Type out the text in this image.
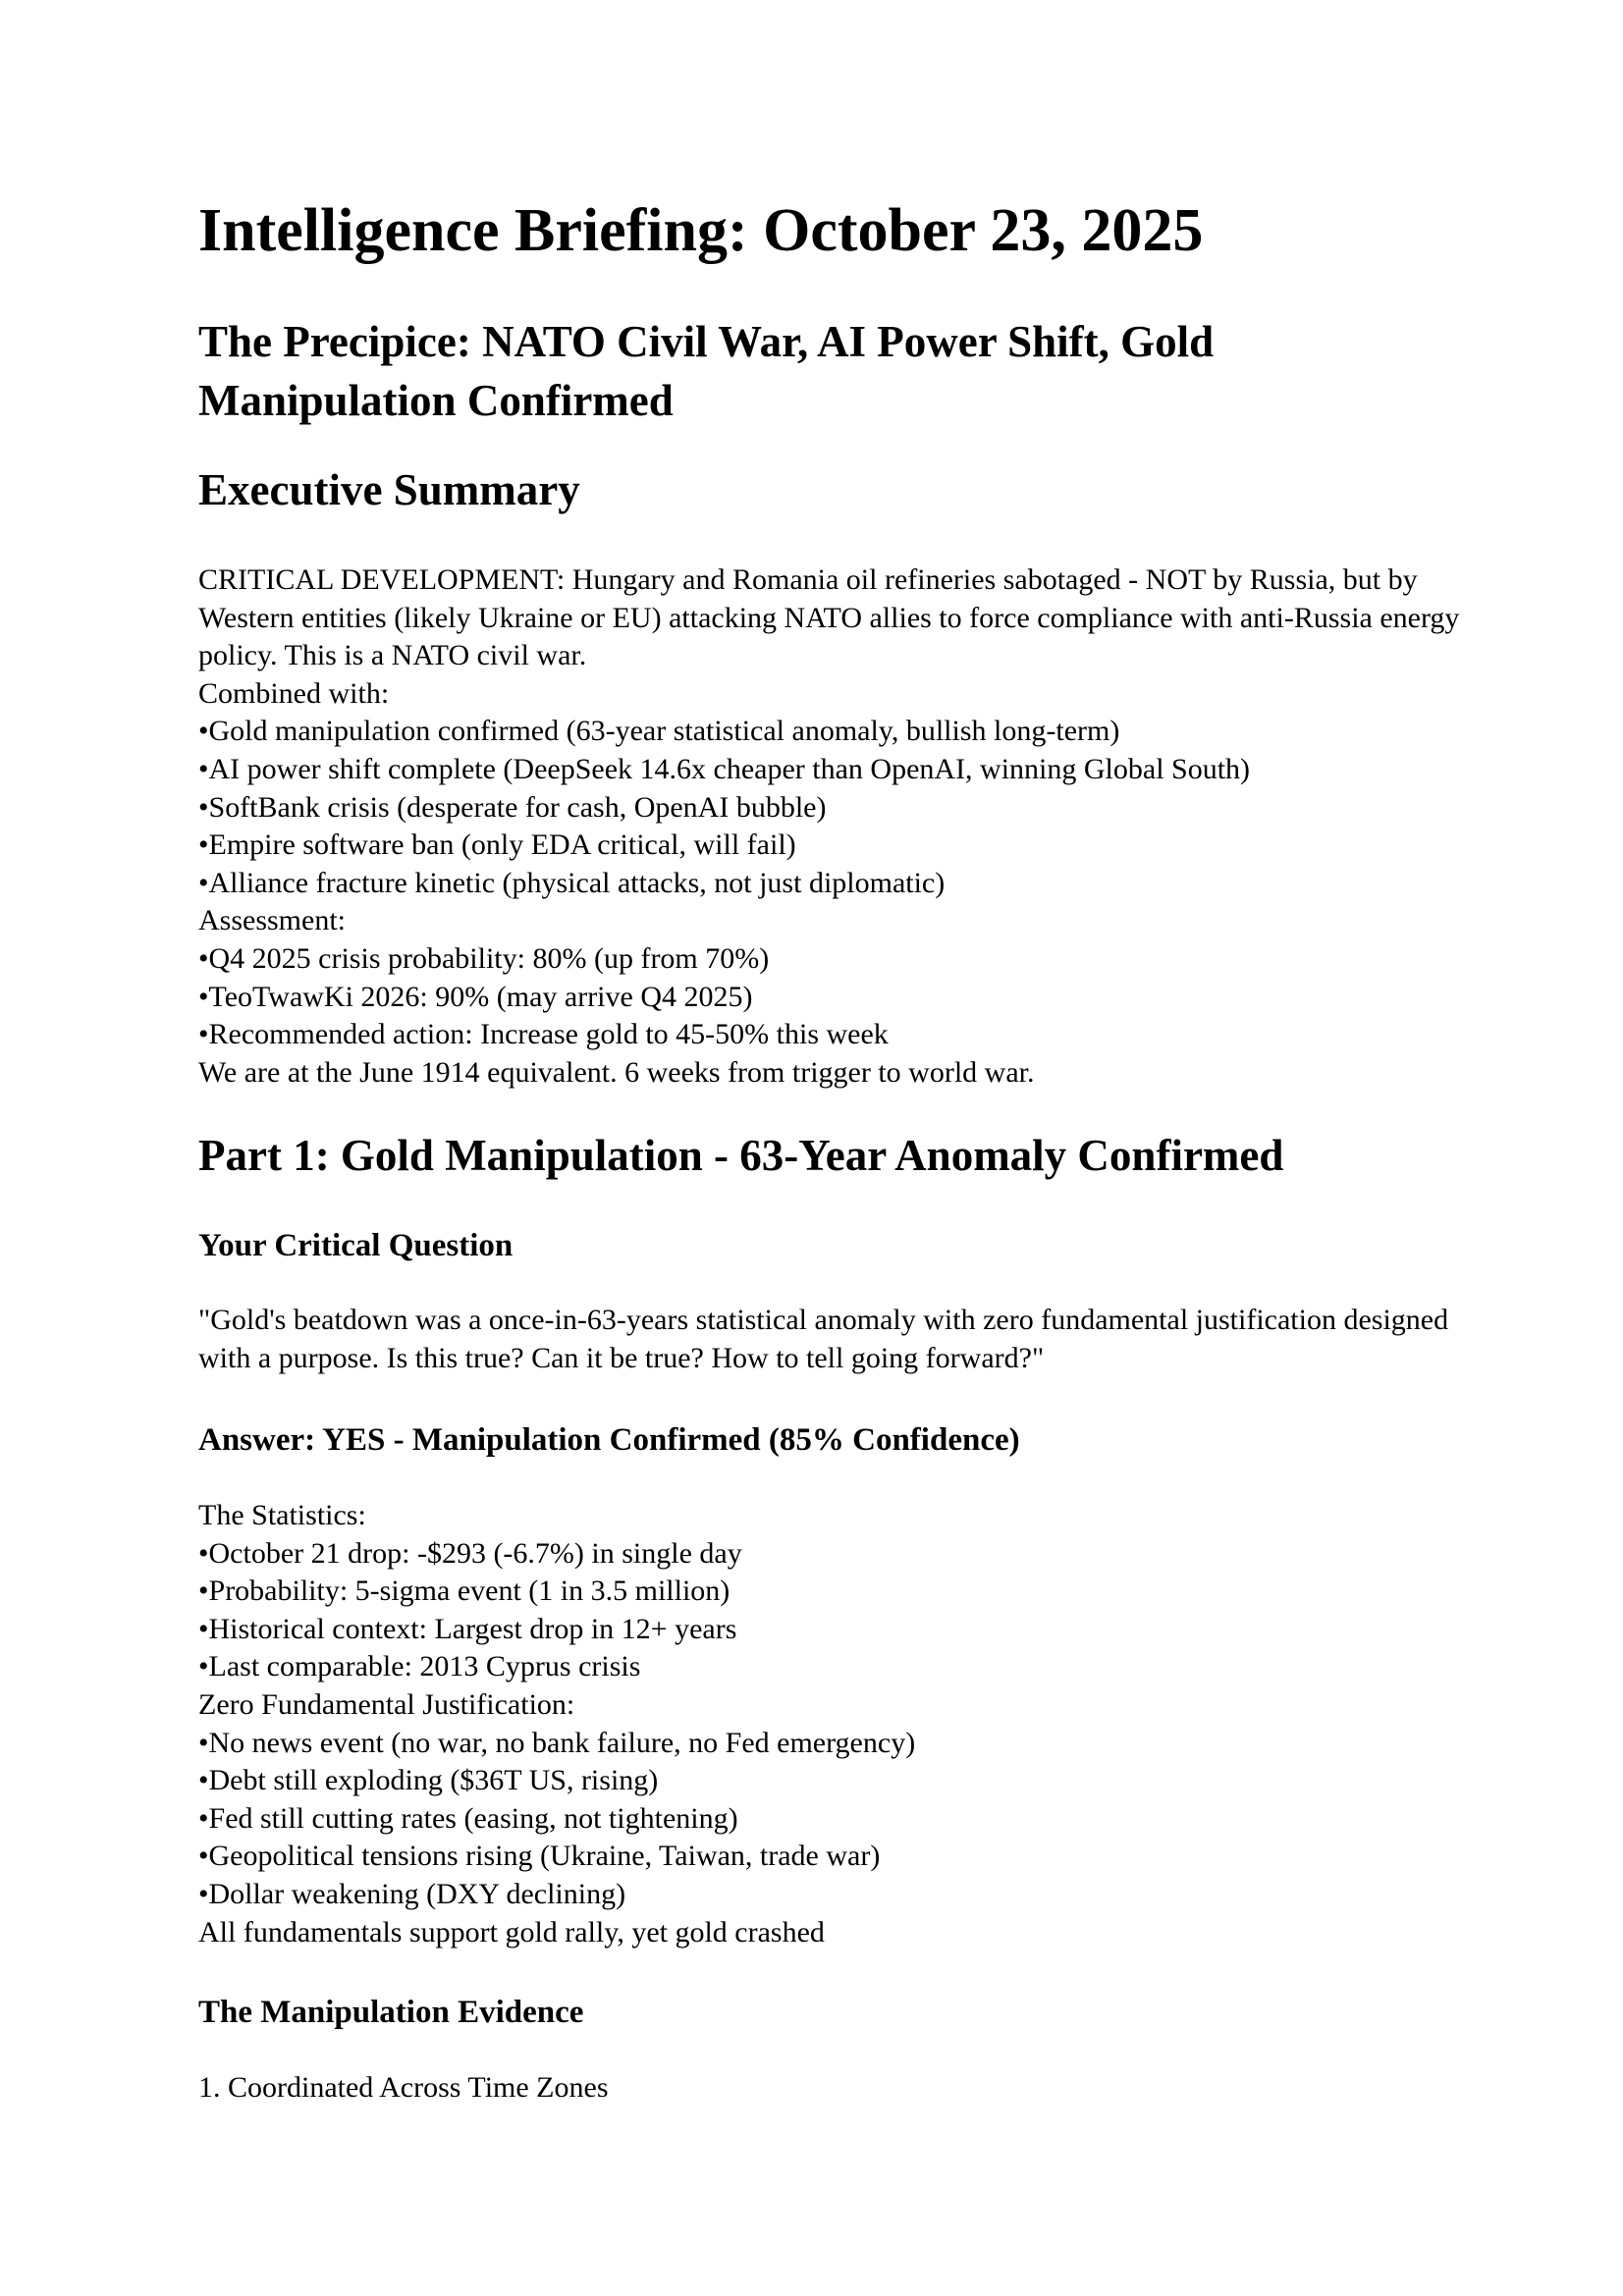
Intelligence Briefing: October 23, 2025
The Precipice: NATO Civil War, AI Power Shift, Gold Manipulation Confirmed
Executive Summary

CRITICAL DEVELOPMENT: Hungary and Romania oil refineries sabotaged - NOT by Russia, but by Western entities (likely Ukraine or EU) attacking NATO allies to force compliance with anti-Russia energy policy. This is a NATO civil war.

Combined with:

•Gold manipulation confirmed (63-year statistical anomaly, bullish long-term)

•AI power shift complete (DeepSeek 14.6x cheaper than OpenAI, winning Global South)

•SoftBank crisis (desperate for cash, OpenAI bubble)

•Empire software ban (only EDA critical, will fail)

•Alliance fracture kinetic (physical attacks, not just diplomatic)

Assessment:

•Q4 2025 crisis probability: 80% (up from 70%)

•TeoTwawKi 2026: 90% (may arrive Q4 2025)

•Recommended action: Increase gold to 45-50% this week

We are at the June 1914 equivalent. 6 weeks from trigger to world war.

Part 1: Gold Manipulation - 63-Year Anomaly Confirmed
Your Critical Question

"Gold's beatdown was a once-in-63-years statistical anomaly with zero fundamental justification designed with a purpose. Is this true? Can it be true? How to tell going forward?"

Answer: YES - Manipulation Confirmed (85% Confidence)

The Statistics:

•October 21 drop: -$293 (-6.7%) in single day

•Probability: 5-sigma event (1 in 3.5 million)

•Historical context: Largest drop in 12+ years

•Last comparable: 2013 Cyprus crisis

Zero Fundamental Justification:

•No news event (no war, no bank failure, no Fed emergency)

•Debt still exploding ($36T US, rising)

•Fed still cutting rates (easing, not tightening)

•Geopolitical tensions rising (Ukraine, Taiwan, trade war)

•Dollar weakening (DXY declining)

All fundamentals support gold rally, yet gold crashed

The Manipulation Evidence

1. Coordinated Across Time Zones
